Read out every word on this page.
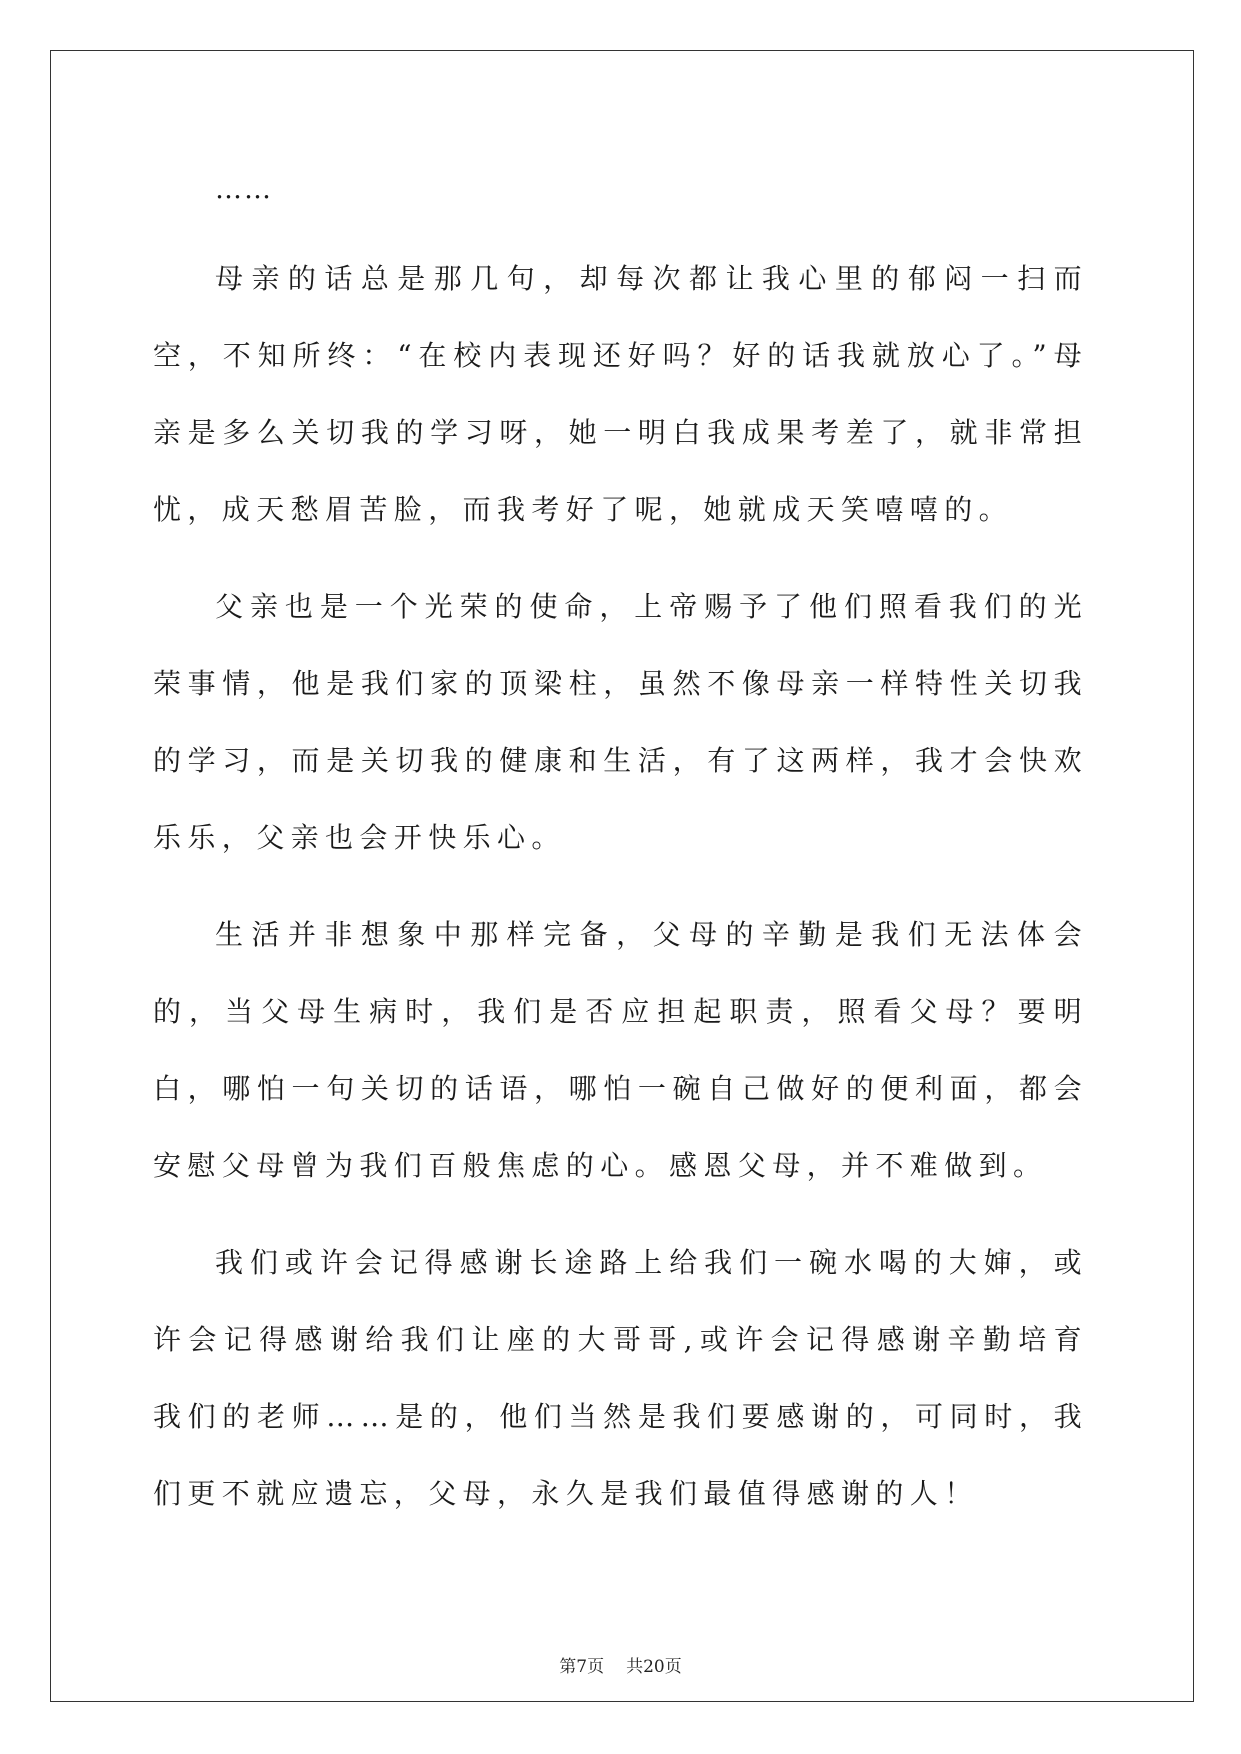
……

母亲的话总是那几句，却每次都让我心里的郁闷一扫而空，不知所终：“在校内表现还好吗？好的话我就放心了。”母亲是多么关切我的学习呀，她一明白我成果考差了，就非常担忧，成天愁眉苦脸，而我考好了呢，她就成天笑嘻嘻的。

父亲也是一个光荣的使命，上帝赐予了他们照看我们的光荣事情，他是我们家的顶梁柱，虽然不像母亲一样特性关切我的学习，而是关切我的健康和生活，有了这两样，我才会快欢乐乐，父亲也会开快乐心。

生活并非想象中那样完备，父母的辛勤是我们无法体会的，当父母生病时，我们是否应担起职责，照看父母？要明白，哪怕一句关切的话语，哪怕一碗自己做好的便利面，都会安慰父母曾为我们百般焦虑的心。感恩父母，并不难做到。

我们或许会记得感谢长途路上给我们一碗水喝的大婶，或许会记得感谢给我们让座的大哥哥,或许会记得感谢辛勤培育我们的老师……是的，他们当然是我们要感谢的，可同时，我们更不就应遗忘，父母，永久是我们最值得感谢的人！

第7页 共20页
